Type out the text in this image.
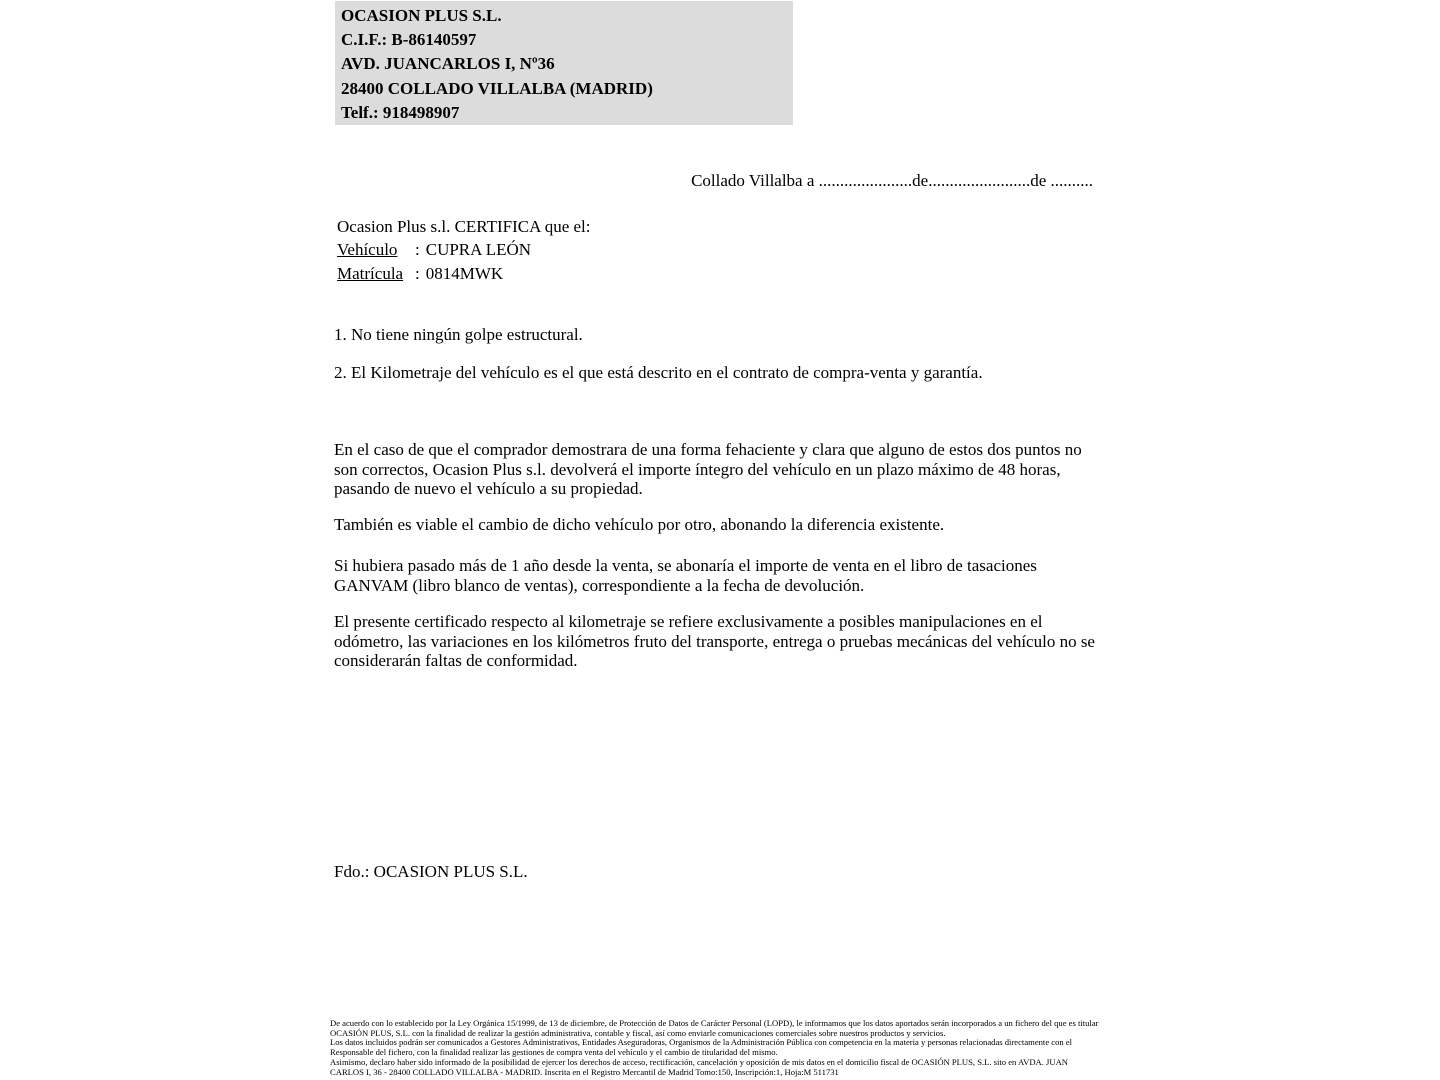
OCASION PLUS S.L.
C.I.F.: B-86140597
AVD. JUANCARLOS I, Nº36
28400 COLLADO VILLALBA (MADRID)
Telf.: 918498907
Collado Villalba a ......................de........................de ..........
Ocasion Plus s.l. CERTIFICA que el:
Vehículo : CUPRA LEÓN
Matrícula : 0814MWK
1. No tiene ningún golpe estructural.
2. El Kilometraje del vehículo es el que está descrito en el contrato de compra-venta y garantía.

En el caso de que el comprador demostrara de una forma fehaciente y clara que alguno de estos dos puntos no son correctos, Ocasion Plus s.l. devolverá el importe íntegro del vehículo en un plazo máximo de 48 horas, pasando de nuevo el vehículo a su propiedad.

También es viable el cambio de dicho vehículo por otro, abonando la diferencia existente.

Si hubiera pasado más de 1 año desde la venta, se abonaría el importe de venta en el libro de tasaciones GANVAM (libro blanco de ventas), correspondiente a la fecha de devolución.

El presente certificado respecto al kilometraje se refiere exclusivamente a posibles manipulaciones en el odómetro, las variaciones en los kilómetros fruto del transporte, entrega o pruebas mecánicas del vehículo no se considerarán faltas de conformidad.

Fdo.: OCASION PLUS S.L.
De acuerdo con lo establecido por la Ley Orgánica 15/1999, de 13 de diciembre, de Protección de Datos de Carácter Personal (LOPD), le informamos que los datos aportados serán incorporados a un fichero del que es titular
OCASIÓN PLUS, S.L. con la finalidad de realizar la gestión administrativa, contable y fiscal, así como enviarle comunicaciones comerciales sobre nuestros productos y servicios.
Los datos incluidos podrán ser comunicados a Gestores Administrativos, Entidades Aseguradoras, Organismos de la Administración Pública con competencia en la materia y personas relacionadas directamente con el
Responsable del fichero, con la finalidad realizar las gestiones de compra venta del vehículo y el cambio de titularidad del mismo.
Asimismo, declaro haber sido informado de la posibilidad de ejercer los derechos de acceso, rectificación, cancelación y oposición de mis datos en el domicilio fiscal de OCASIÓN PLUS, S.L. sito en AVDA. JUAN
CARLOS I, 36 - 28400 COLLADO VILLALBA - MADRID. Inscrita en el Registro Mercantil de Madrid Tomo:150, Inscripción:1, Hoja:M 511731
